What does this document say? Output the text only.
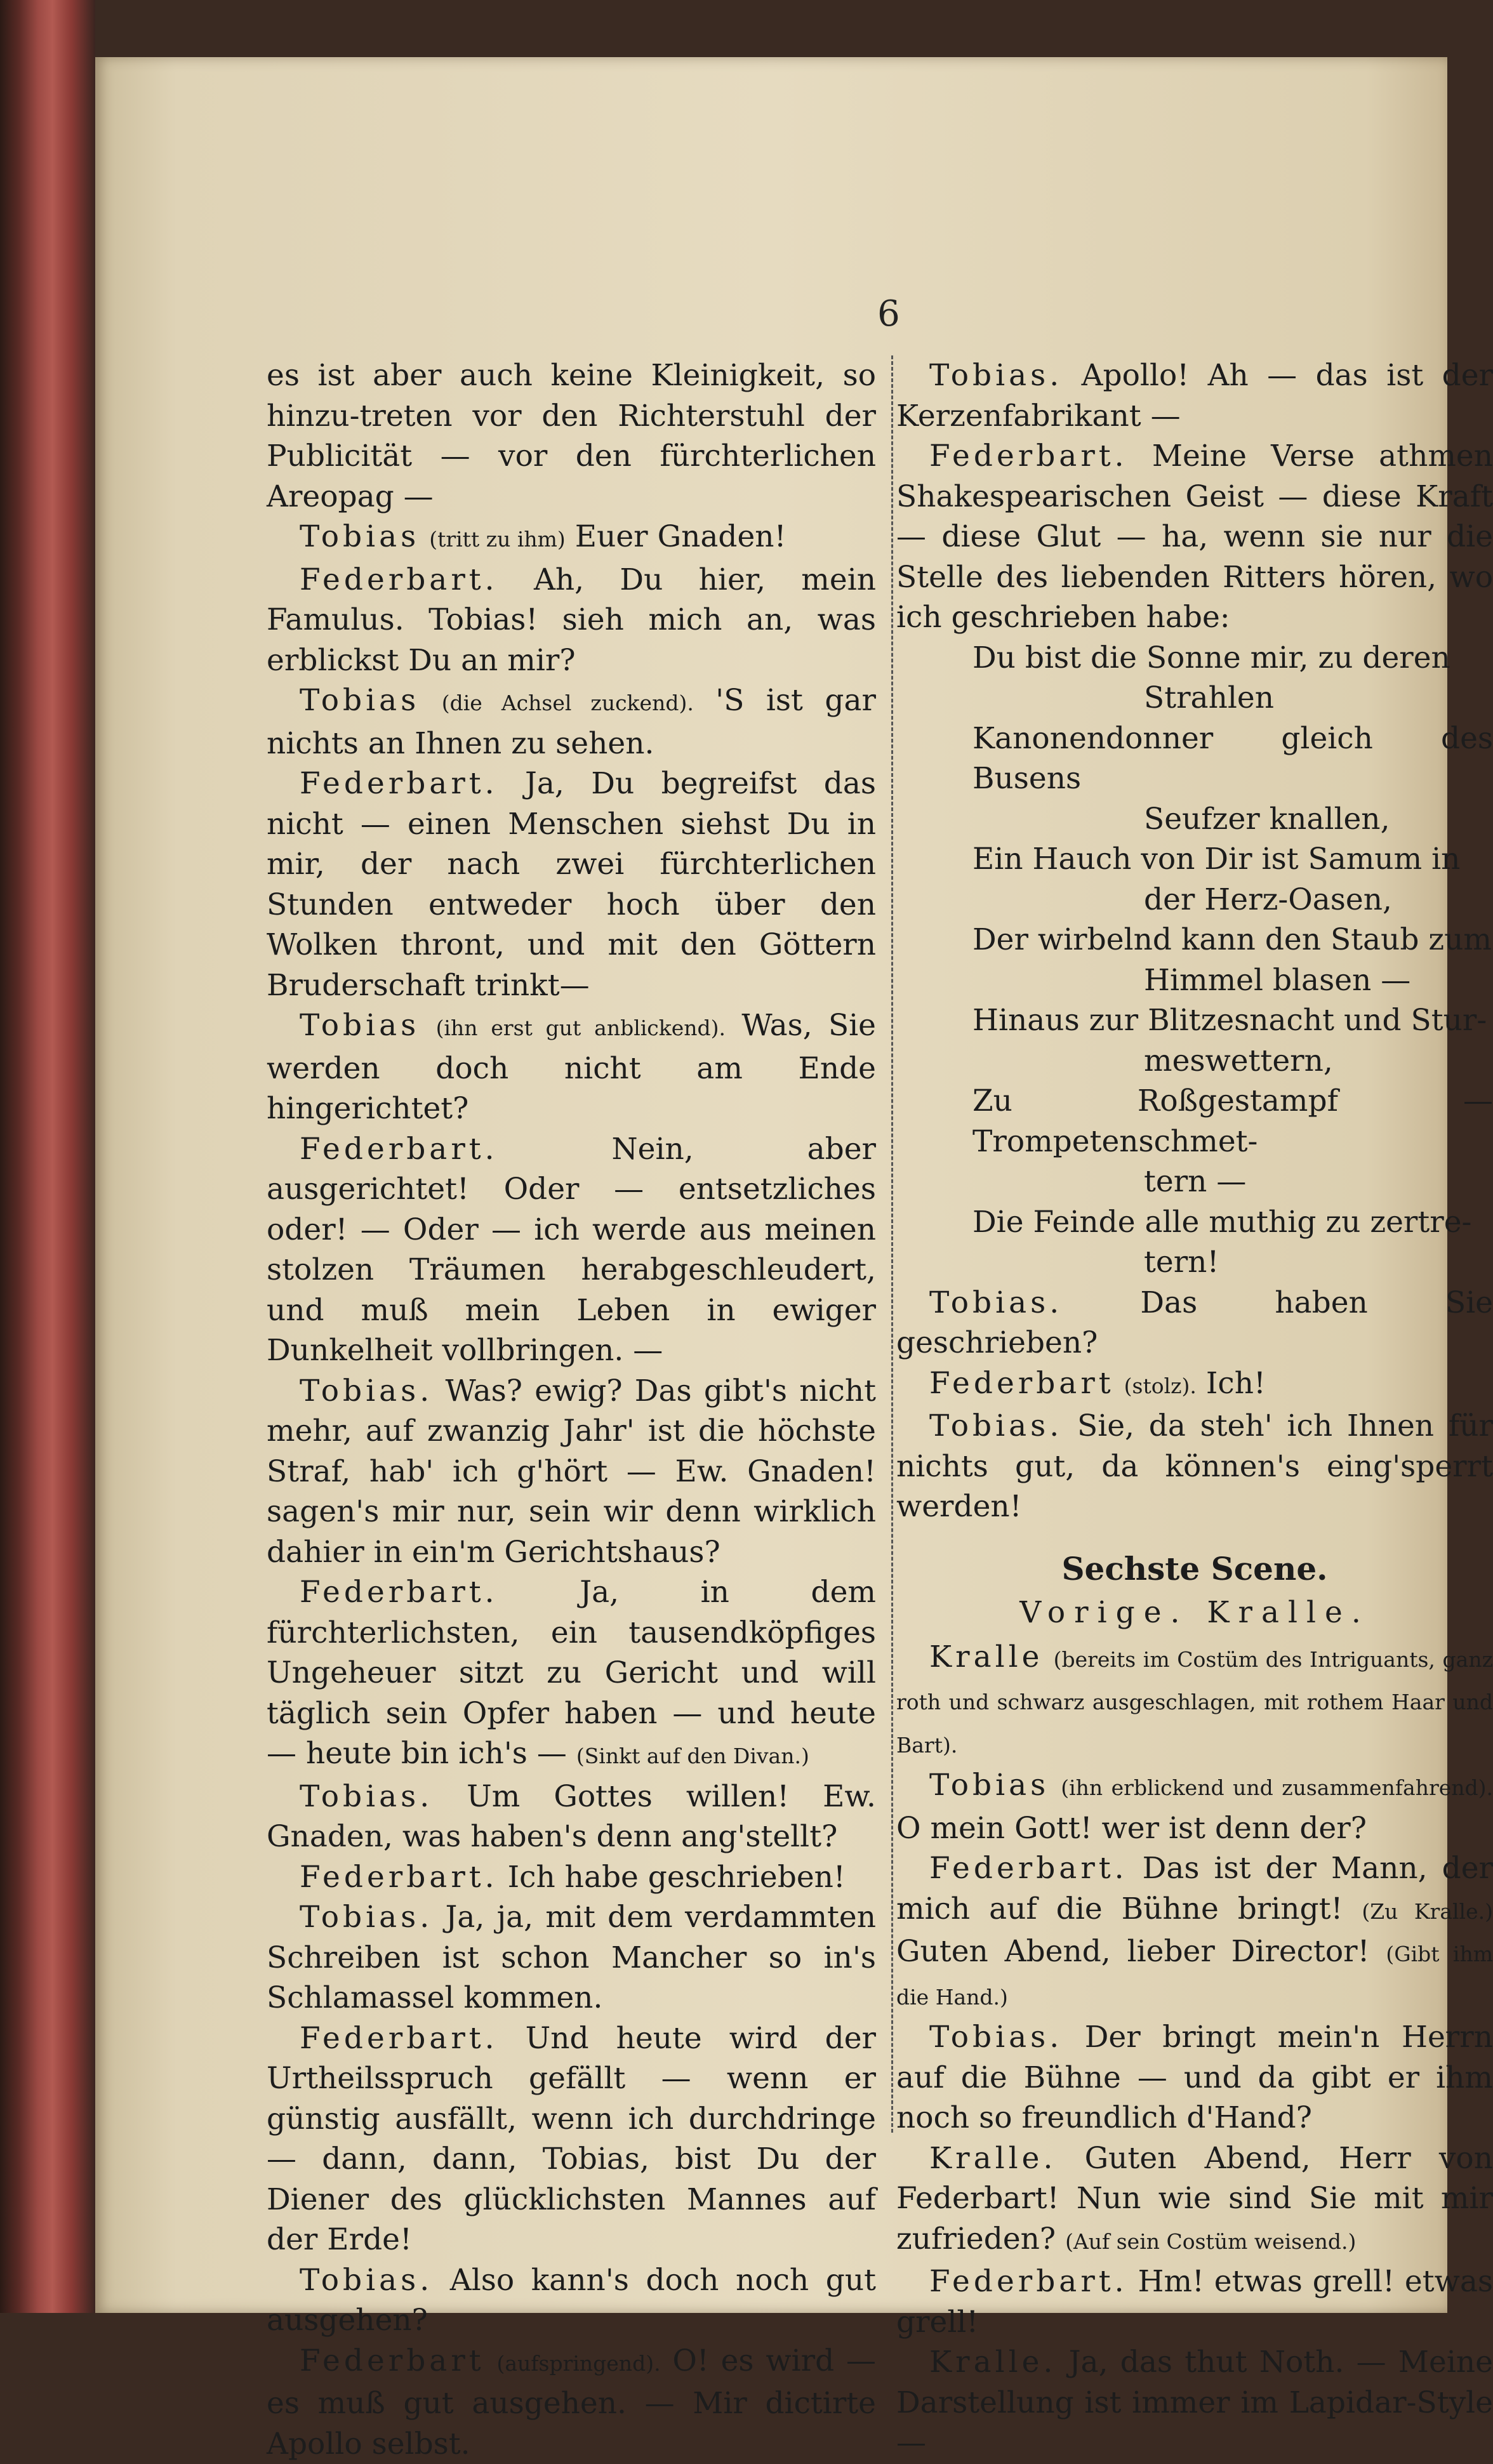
6

es ist aber auch keine Kleinigkeit, so hinzu-treten vor den Richterstuhl der Publicität — vor den fürchterlichen Areopag —

Tobias (tritt zu ihm) Euer Gnaden!

Federbart. Ah, Du hier, mein Famulus. Tobias! sieh mich an, was erblickst Du an mir?

Tobias (die Achsel zuckend). 'S ist gar nichts an Ihnen zu sehen.

Federbart. Ja, Du begreifst das nicht — einen Menschen siehst Du in mir, der nach zwei fürchterlichen Stunden entweder hoch über den Wolken thront, und mit den Göttern Bruderschaft trinkt—

Tobias (ihn erst gut anblickend). Was, Sie werden doch nicht am Ende hingerichtet?

Federbart.	Nein, aber ausgerichtet! Oder — entsetzliches oder! — Oder — ich werde aus meinen stolzen Träumen herabgeschleudert, und muß mein Leben in ewiger Dunkelheit vollbringen. —

Tobias. Was? ewig? Das gibt's nicht mehr, auf zwanzig Jahr' ist die höchste Straf, hab' ich g'hört — Ew. Gnaden! sagen's mir nur, sein wir denn wirklich dahier in ein'm Gerichtshaus?

Federbart.	Ja, in dem fürchterlichsten, ein tausendköpfiges Ungeheuer sitzt zu Gericht und will täglich sein Opfer haben — und heute — heute bin ich's — (Sinkt auf den Divan.)

Tobias. Um Gottes willen! Ew. Gnaden, was haben's denn ang'stellt?

Federbart. Ich habe geschrieben!

Tobias. Ja, ja, mit dem verdammten Schreiben ist schon Mancher so in's Schlamassel kommen.

Federbart. Und heute wird der Urtheilsspruch gefällt — wenn er günstig ausfällt, wenn ich durchdringe — dann, dann, Tobias, bist Du der Diener des glücklichsten Mannes auf der Erde!

Tobias. Also kann's doch noch gut ausgehen?

Federbart (aufspringend). O! es wird — es muß gut ausgehen. — Mir dictirte Apollo selbst.

Tobias. Apollo! Ah — das ist der Kerzenfabrikant —

Federbart. Meine Verse athmen Shakespearischen Geist — diese Kraft — diese Glut — ha, wenn sie nur die Stelle des liebenden Ritters hören, wo ich geschrieben habe:

Du bist die Sonne mir, zu deren

Strahlen

Kanonendonner gleich des Busens

Seufzer knallen,

Ein Hauch von Dir ist Samum in

der Herz-Oasen,

Der wirbelnd kann den Staub zum

Himmel blasen —

Hinaus zur Blitzesnacht und Stur-

meswettern,

Zu Roßgestampf — Trompetenschmet-

tern —

Die Feinde alle muthig zu zertre-

tern!

Tobias.	Das haben Sie geschrieben?

Federbart (stolz). Ich!

Tobias. Sie, da steh' ich Ihnen für nichts gut, da können's eing'sperrt werden!

Sechste Scene.

Vorige. Kralle.

Kralle (bereits im Costüm des Intriguants, ganz roth und schwarz ausgeschlagen, mit rothem Haar und Bart).

Tobias (ihn erblickend und zusammenfahrend). O mein Gott! wer ist denn der?

Federbart. Das ist der Mann, der mich auf die Bühne bringt! (Zu Kralle.) Guten Abend, lieber Director! (Gibt ihm die Hand.)

Tobias. Der bringt mein'n Herrn auf die Bühne — und da gibt er ihm noch so freundlich d'Hand?

Kralle. Guten Abend, Herr von Federbart! Nun wie sind Sie mit mir zufrieden? (Auf sein Costüm weisend.)

Federbart. Hm! etwas grell! etwas grell!

Kralle. Ja, das thut Noth. — Meine Darstellung ist immer im Lapidar-Style—
